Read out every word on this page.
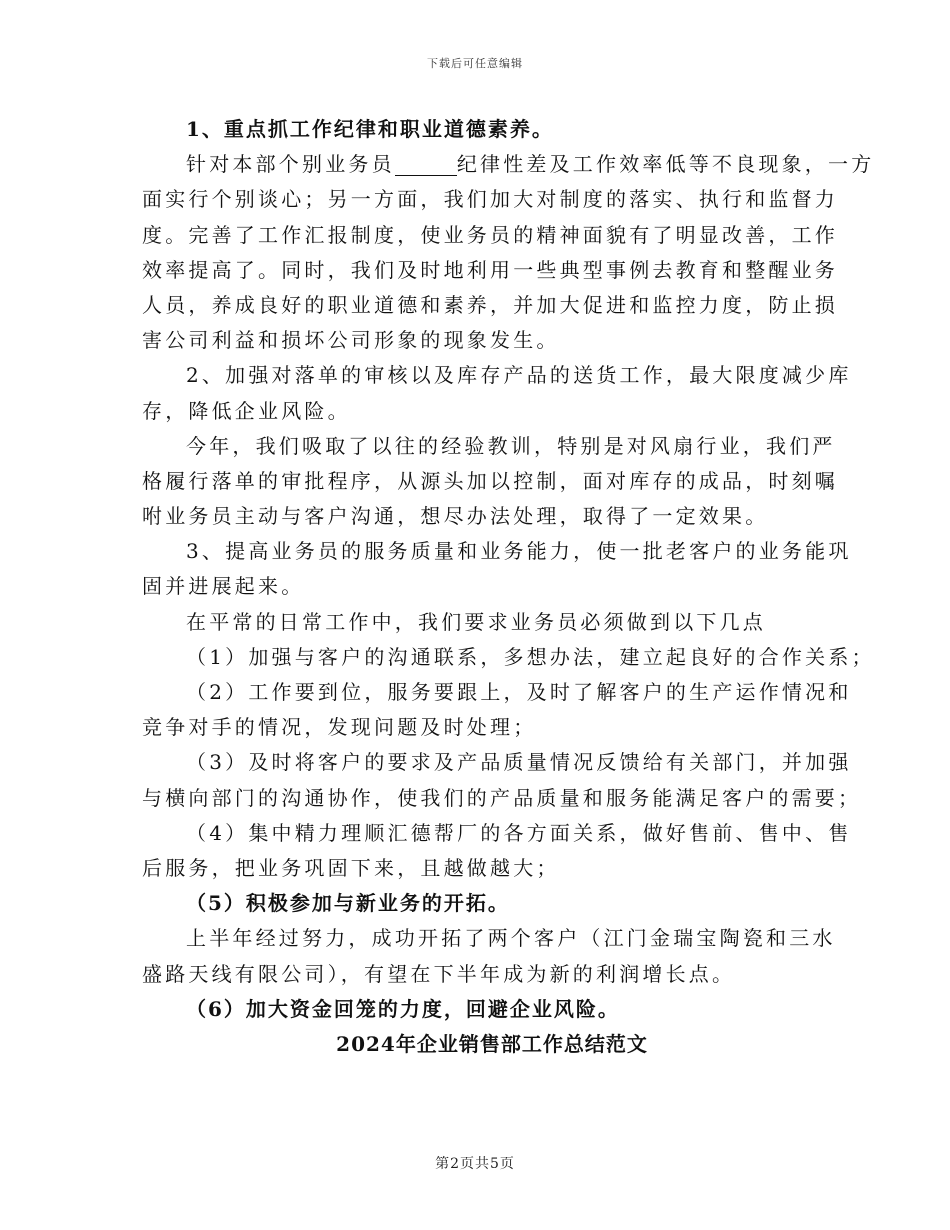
下载后可任意编辑
1、重点抓工作纪律和职业道德素养。
针对本部个别业务员	纪律性差及工作效率低等不良现象，一方
面实行个别谈心；另一方面，我们加大对制度的落实、执行和监督力
度。完善了工作汇报制度，使业务员的精神面貌有了明显改善，工作
效率提高了。同时，我们及时地利用一些典型事例去教育和整醒业务
人员，养成良好的职业道德和素养，并加大促进和监控力度，防止损
害公司利益和损坏公司形象的现象发生。
2、加强对落单的审核以及库存产品的送货工作，最大限度减少库
存，降低企业风险。
今年，我们吸取了以往的经验教训，特别是对风扇行业，我们严
格履行落单的审批程序，从源头加以控制，面对库存的成品，时刻嘱
咐业务员主动与客户沟通，想尽办法处理，取得了一定效果。
3、提高业务员的服务质量和业务能力，使一批老客户的业务能巩
固并进展起来。
在平常的日常工作中，我们要求业务员必须做到以下几点
（1）加强与客户的沟通联系，多想办法，建立起良好的合作关系；
（2）工作要到位，服务要跟上，及时了解客户的生产运作情况和
竞争对手的情况，发现问题及时处理；
（3）及时将客户的要求及产品质量情况反馈给有关部门，并加强
与横向部门的沟通协作，使我们的产品质量和服务能满足客户的需要；
（4）集中精力理顺汇德帮厂的各方面关系，做好售前、售中、售
后服务，把业务巩固下来，且越做越大；
（5）积极参加与新业务的开拓。
上半年经过努力，成功开拓了两个客户（江门金瑞宝陶瓷和三水
盛路天线有限公司），有望在下半年成为新的利润增长点。
（6）加大资金回笼的力度，回避企业风险。
2024年企业销售部工作总结范文
第2页共5页
